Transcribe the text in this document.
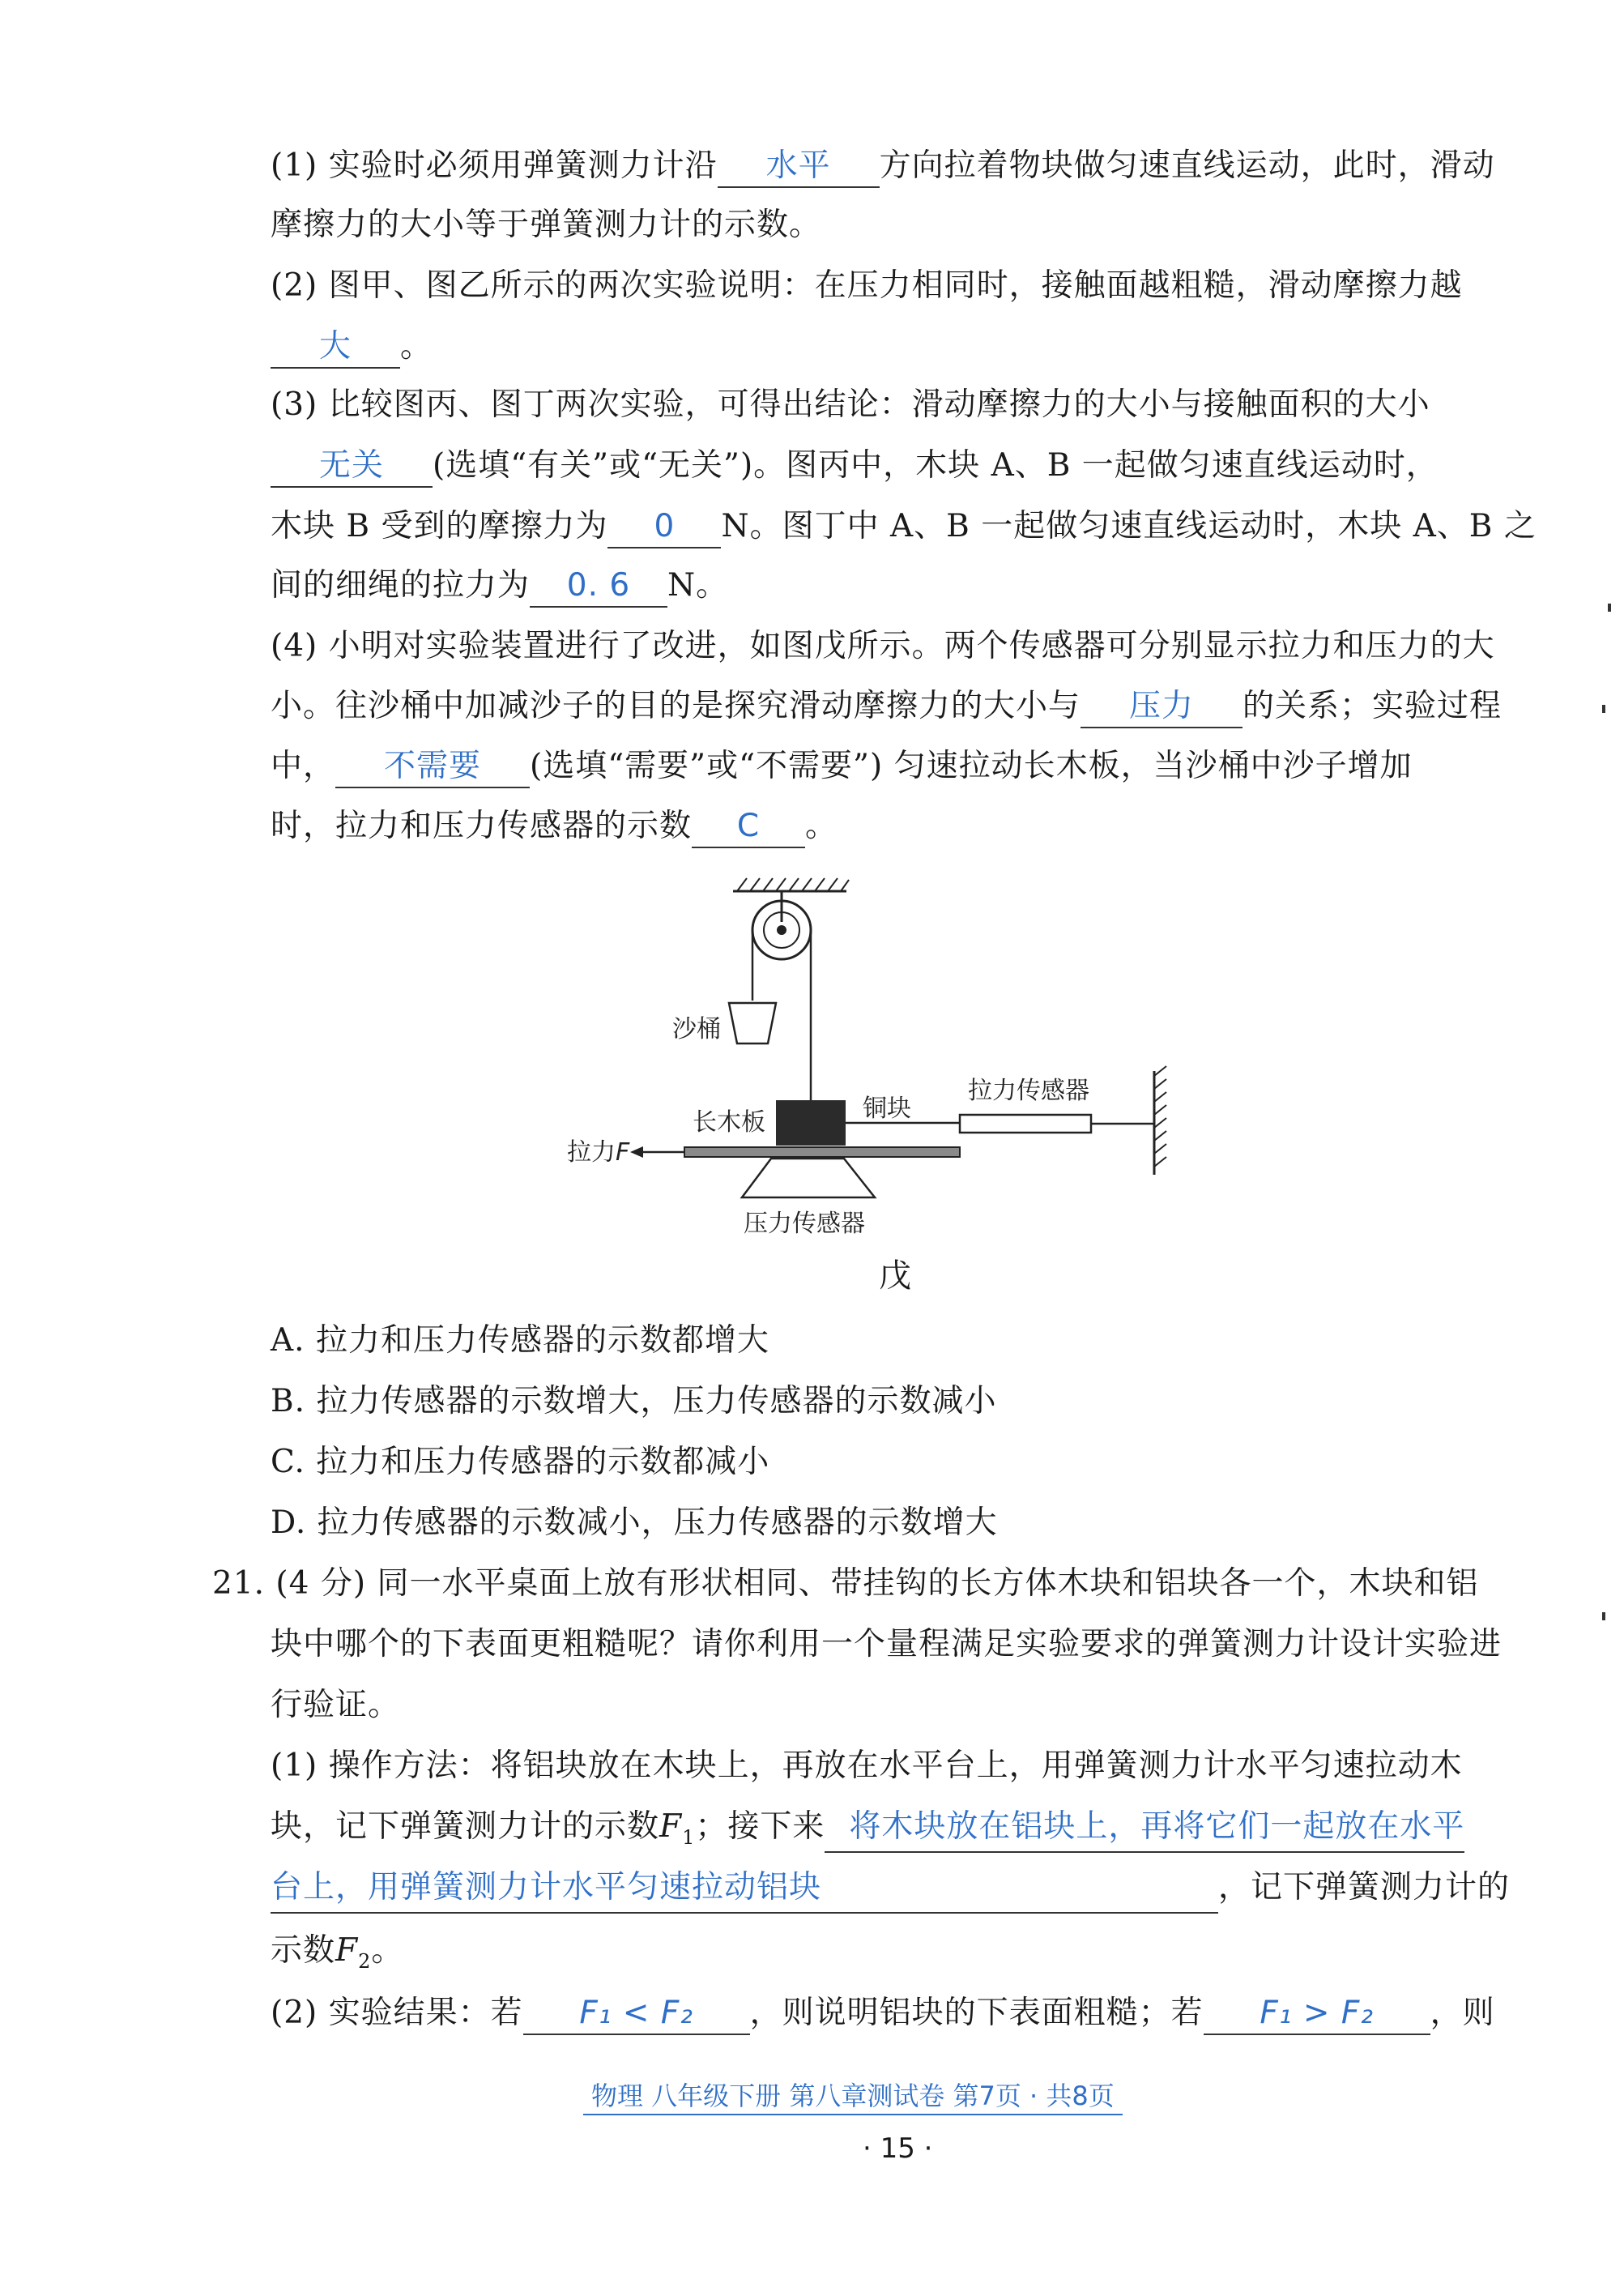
(1) 实验时必须用弹簧测力计沿 水平 方向拉着物块做匀速直线运动，此时，滑动
摩擦力的大小等于弹簧测力计的示数。
(2) 图甲、图乙所示的两次实验说明：在压力相同时，接触面越粗糙，滑动摩擦力越
大 。
(3) 比较图丙、图丁两次实验，可得出结论：滑动摩擦力的大小与接触面积的大小
无关 (选填“有关”或“无关”)。图丙中，木块 A、B 一起做匀速直线运动时，
木块 B 受到的摩擦力为 0 N。图丁中 A、B 一起做匀速直线运动时，木块 A、B 之
间的细绳的拉力为 0. 6 N。
(4) 小明对实验装置进行了改进，如图戊所示。两个传感器可分别显示拉力和压力的大
小。往沙桶中加减沙子的目的是探究滑动摩擦力的大小与 压力 的关系；实验过程
中， 不需要 (选填“需要”或“不需要”) 匀速拉动长木板，当沙桶中沙子增加
时，拉力和压力传感器的示数 C 。
沙桶
铜块
拉力传感器
长木板
拉力F
压力传感器
戊
A. 拉力和压力传感器的示数都增大
B. 拉力传感器的示数增大，压力传感器的示数减小
C. 拉力和压力传感器的示数都减小
D. 拉力传感器的示数减小，压力传感器的示数增大
21. (4 分) 同一水平桌面上放有形状相同、带挂钩的长方体木块和铝块各一个，木块和铝
块中哪个的下表面更粗糙呢？请你利用一个量程满足实验要求的弹簧测力计设计实验进
行验证。
(1) 操作方法：将铝块放在木块上，再放在水平台上，用弹簧测力计水平匀速拉动木
块，记下弹簧测力计的示数$F_1$；接下来 将木块放在铝块上，再将它们一起放在水平
台上，用弹簧测力计水平匀速拉动铝块	，记下弹簧测力计的
示数$F_2$。
(2) 实验结果：若 F₁ < F₂ ，则说明铝块的下表面粗糙；若 F₁ > F₂ ，则
物理 八年级下册 第八章测试卷 第7页 · 共8页
· 15 ·
